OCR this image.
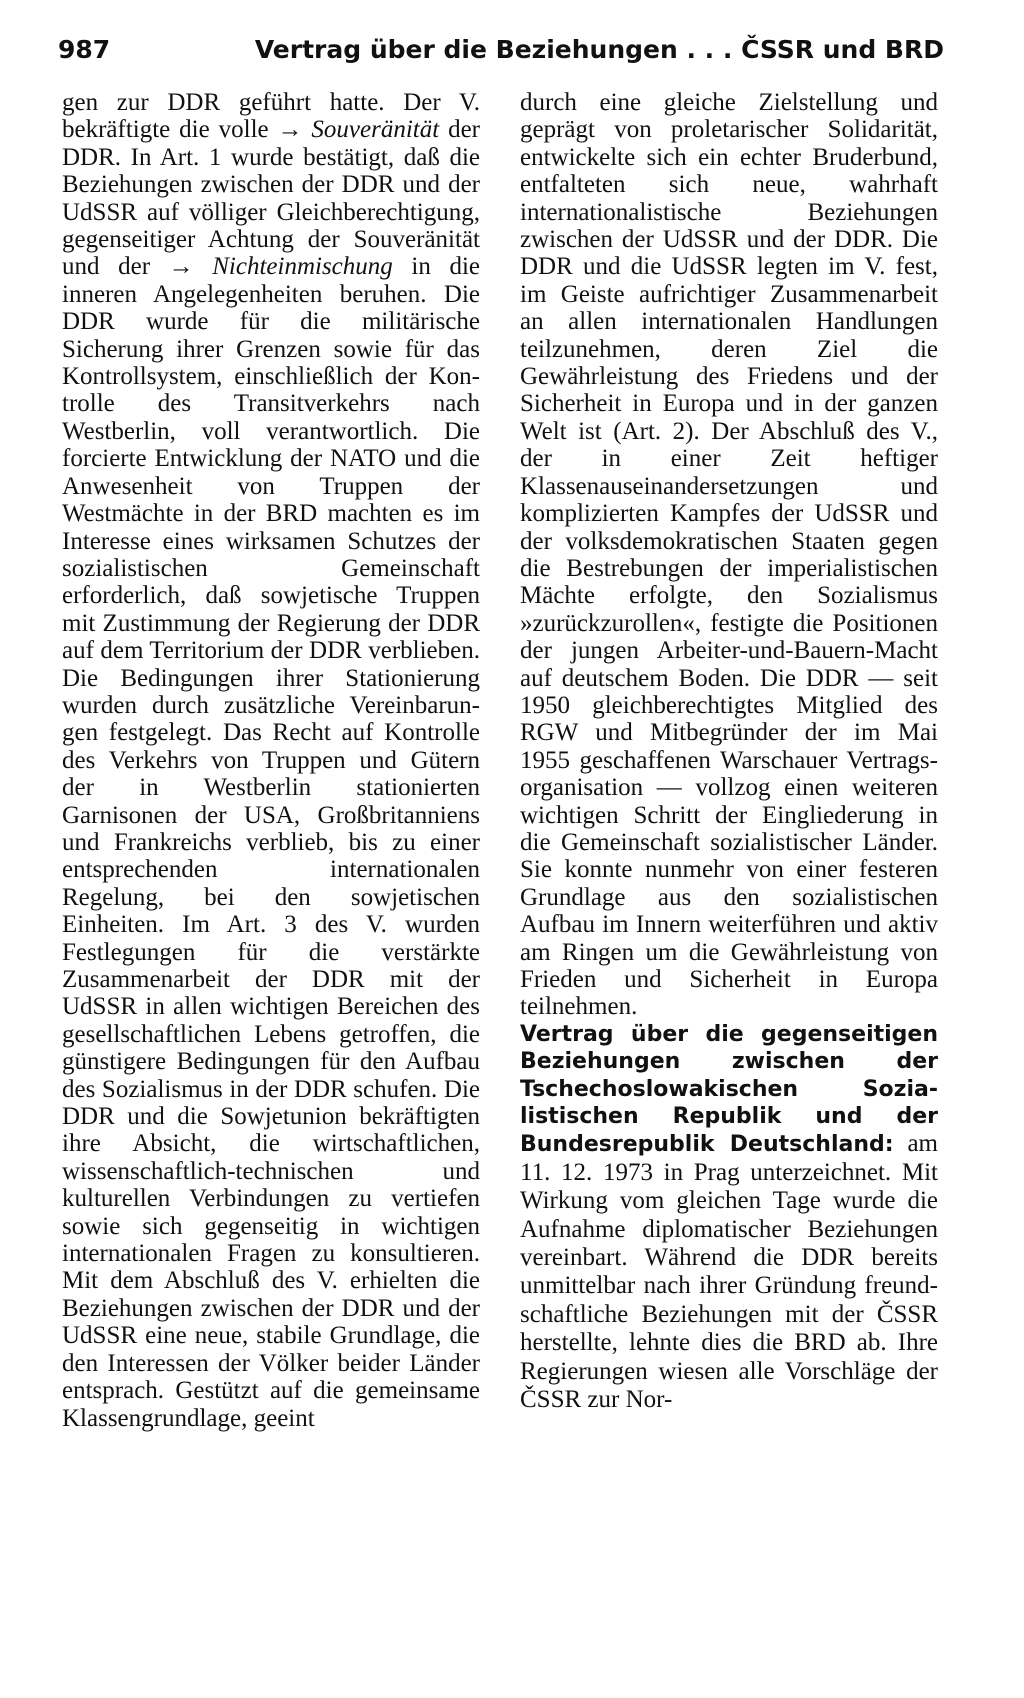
987	Vertrag über die Beziehungen . . . ČSSR und BRD

gen zur DDR geführt hatte. Der V. bekräftigte die volle → Souveränität der DDR. In Art. 1 wurde bestätigt, daß die Beziehungen zwischen der DDR und der UdSSR auf völliger Gleichberechtigung, gegenseitiger Achtung der Souveränität und der → Nichteinmischung in die inneren Angelegenheiten beruhen. Die DDR wurde für die militärische Sicherung ihrer Grenzen sowie für das Kontrollsystem, einschließlich der Kontrolle des Transitverkehrs nach Westberlin, voll verantwortlich. Die forcierte Entwicklung der NATO und die Anwesenheit von Truppen der Westmächte in der BRD machten es im Interesse eines wirksamen Schutzes der sozialistischen Gemeinschaft erforderlich, daß sowjetische Truppen mit Zustimmung der Regierung der DDR auf dem Territorium der DDR verblieben. Die Bedingungen ihrer Stationierung wurden durch zusätzliche Vereinbarungen festgelegt. Das Recht auf Kontrolle des Verkehrs von Truppen und Gütern der in Westberlin stationierten Garnisonen der USA, Großbritanniens und Frankreichs verblieb, bis zu einer entsprechenden internationalen Regelung, bei den sowjetischen Einheiten. Im Art. 3 des V. wurden Festlegungen für die verstärkte Zusammenarbeit der DDR mit der UdSSR in allen wichtigen Bereichen des gesellschaftlichen Lebens getroffen, die günstigere Bedingungen für den Aufbau des Sozialismus in der DDR schufen. Die DDR und die Sowjetunion bekräftigten ihre Absicht, die wirtschaftlichen, wissenschaftlich-technischen und kulturellen Verbindungen zu vertiefen sowie sich gegenseitig in wichtigen internationalen Fragen zu konsultieren. Mit dem Abschluß des V. erhielten die Beziehungen zwischen der DDR und der UdSSR eine neue, stabile Grundlage, die den Interessen der Völker beider Länder entsprach. Gestützt auf die gemeinsame Klassengrundlage, geeint

durch eine gleiche Zielstellung und geprägt von proletarischer Solidarität, entwickelte sich ein echter Bruderbund, entfalteten sich neue, wahrhaft internationalistische Beziehungen zwischen der UdSSR und der DDR. Die DDR und die UdSSR legten im V. fest, im Geiste aufrichtiger Zusammenarbeit an allen internationalen Handlungen teilzunehmen, deren Ziel die Gewährleistung des Friedens und der Sicherheit in Europa und in der ganzen Welt ist (Art. 2). Der Abschluß des V., der in einer Zeit heftiger Klassenauseinandersetzungen und komplizierten Kampfes der UdSSR und der volksdemokratischen Staaten gegen die Bestrebungen der imperialistischen Mächte erfolgte, den Sozialismus »zurückzurollen«, festigte die Positionen der jungen Arbeiter-und-Bauern-Macht auf deutschem Boden. Die DDR — seit 1950 gleichberechtigtes Mitglied des RGW und Mitbegründer der im Mai 1955 geschaffenen Warschauer Vertragsorganisation — vollzog einen weiteren wichtigen Schritt der Eingliederung in die Gemeinschaft sozialistischer Länder. Sie konnte nunmehr von einer festeren Grundlage aus den sozialistischen Aufbau im Innern weiterführen und aktiv am Ringen um die Gewährleistung von Frieden und Sicherheit in Europa teilnehmen.

Vertrag über die gegenseitigen Beziehungen zwischen der Tschechoslowakischen Sozialistischen Republik und der Bundesrepublik Deutschland: am 11. 12. 1973 in Prag unterzeichnet. Mit Wirkung vom gleichen Tage wurde die Aufnahme diplomatischer Beziehungen vereinbart. Während die DDR bereits unmittelbar nach ihrer Gründung freundschaftliche Beziehungen mit der ČSSR herstellte, lehnte dies die BRD ab. Ihre Regierungen wiesen alle Vorschläge der ČSSR zur Nor-
